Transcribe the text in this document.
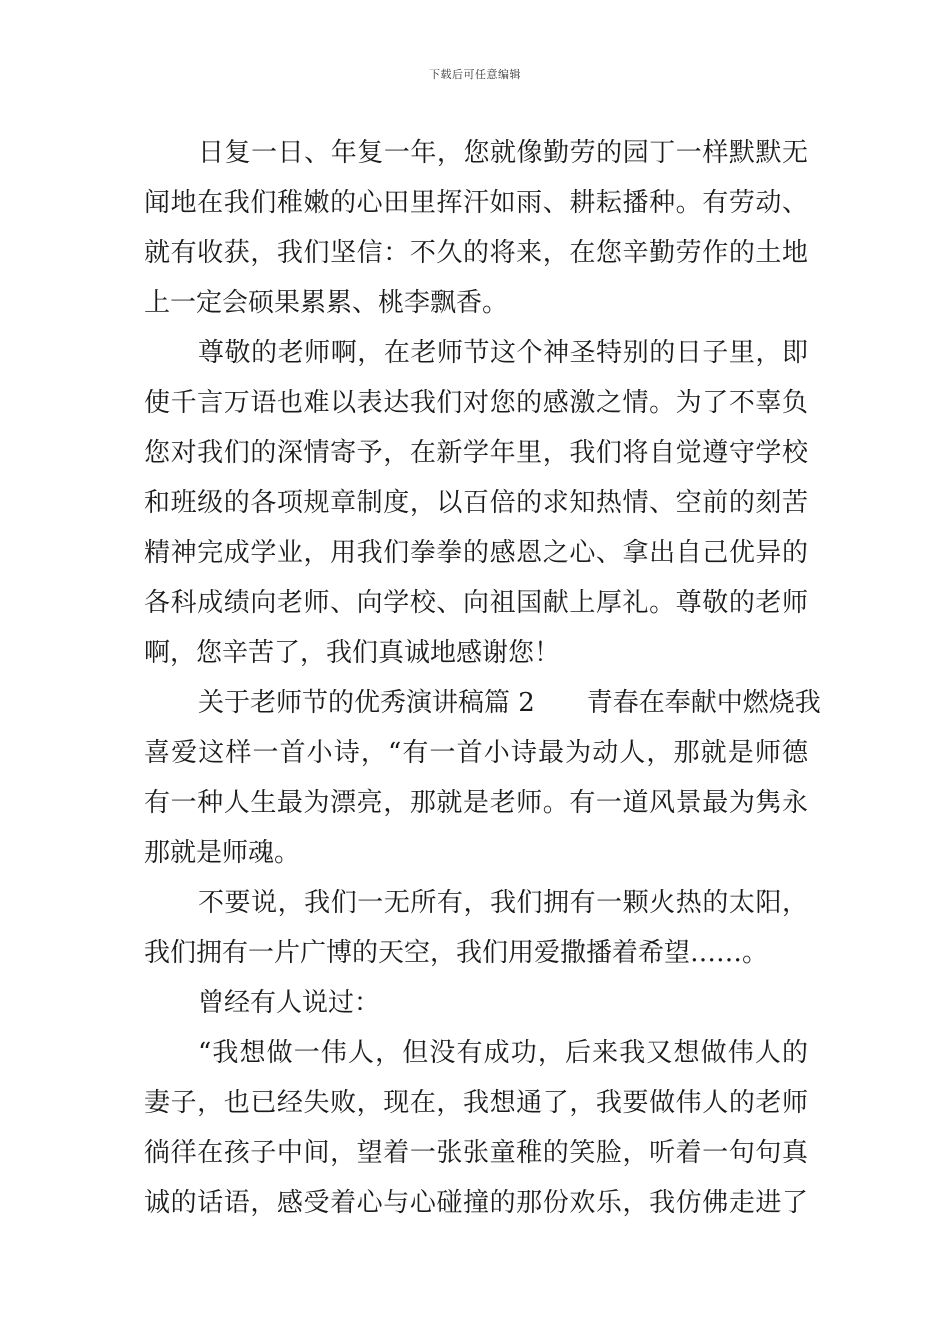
下载后可任意编辑
日复一日、年复一年，您就像勤劳的园丁一样默默无
闻地在我们稚嫩的心田里挥汗如雨、耕耘播种。有劳动、
就有收获，我们坚信：不久的将来，在您辛勤劳作的土地
上一定会硕果累累、桃李飘香。
尊敬的老师啊，在老师节这个神圣特别的日子里，即
使千言万语也难以表达我们对您的感激之情。为了不辜负
您对我们的深情寄予，在新学年里，我们将自觉遵守学校
和班级的各项规章制度，以百倍的求知热情、空前的刻苦
精神完成学业，用我们拳拳的感恩之心、拿出自己优异的
各科成绩向老师、向学校、向祖国献上厚礼。尊敬的老师
啊，您辛苦了，我们真诚地感谢您！
关于老师节的优秀演讲稿篇 2　　青春在奉献中燃烧我
喜爱这样一首小诗，“有一首小诗最为动人，那就是师德
有一种人生最为漂亮，那就是老师。有一道风景最为隽永
那就是师魂。
不要说，我们一无所有，我们拥有一颗火热的太阳，
我们拥有一片广博的天空，我们用爱撒播着希望……。
曾经有人说过：
“我想做一伟人，但没有成功，后来我又想做伟人的
妻子，也已经失败，现在，我想通了，我要做伟人的老师
徜徉在孩子中间，望着一张张童稚的笑脸，听着一句句真
诚的话语，感受着心与心碰撞的那份欢乐，我仿佛走进了
